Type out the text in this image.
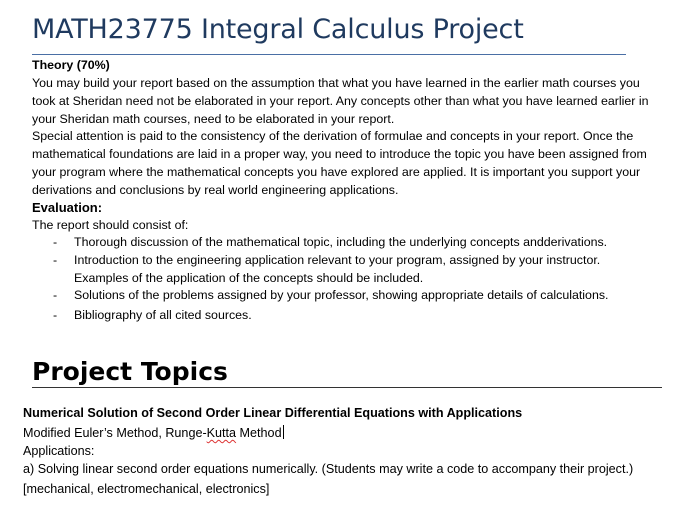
MATH23775 Integral Calculus Project
Theory (70%)
You may build your report based on the assumption that what you have learned in the earlier math courses you took at Sheridan need not be elaborated in your report. Any concepts other than what you have learned earlier in your Sheridan math courses, need to be elaborated in your report.
Special attention is paid to the consistency of the derivation of formulae and concepts in your report. Once the mathematical foundations are laid in a proper way, you need to introduce the topic you have been assigned from your program where the mathematical concepts you have explored are applied. It is important you support your derivations and conclusions by real world engineering applications.
Evaluation:
The report should consist of:
- Thorough discussion of the mathematical topic, including the underlying concepts andderivations.
- Introduction to the engineering application relevant to your program, assigned by your instructor. Examples of the application of the concepts should be included.
- Solutions of the problems assigned by your professor, showing appropriate details of calculations.
- Bibliography of all cited sources.
Project Topics
Numerical Solution of Second Order Linear Differential Equations with Applications
Modified Euler’s Method, Runge-Kutta Method
Applications:
a) Solving linear second order equations numerically. (Students may write a code to accompany their project.) [mechanical, electromechanical, electronics]
